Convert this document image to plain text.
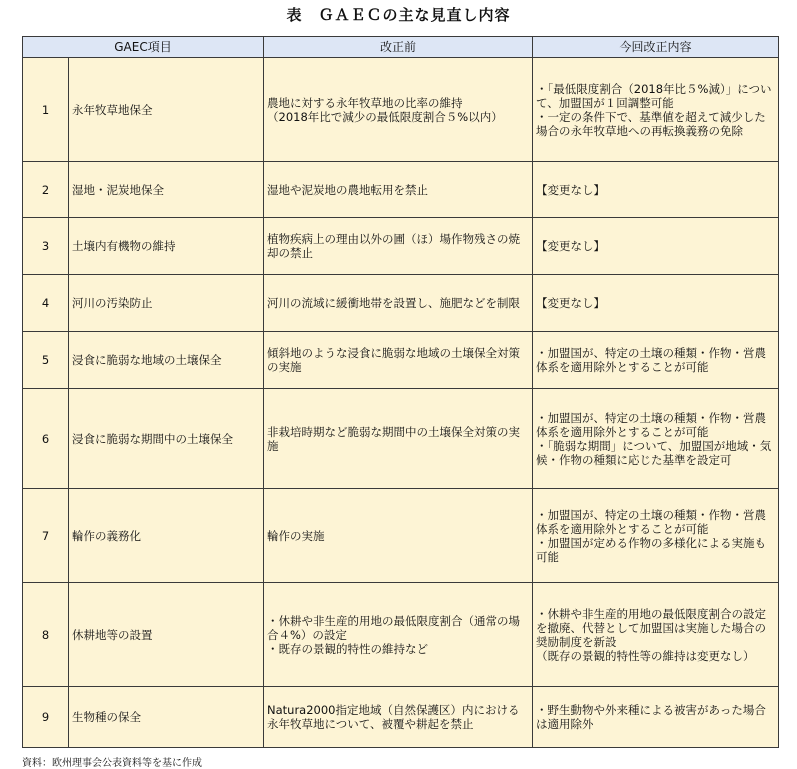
表　ＧＡＥＣの主な見直し内容
GAEC項目		改正前	今回改正内容
1	永年牧草地保全	農地に対する永年牧草地の比率の維持
（2018年比で減少の最低限度割合５%以内）	・「最低限度割合（2018年比５%減）」について、加盟国が１回調整可能
・一定の条件下で、基準値を超えて減少した場合の永年牧草地への再転換義務の免除
2	湿地・泥炭地保全	湿地や泥炭地の農地転用を禁止	【変更なし】
3	土壌内有機物の維持	植物疾病上の理由以外の圃（ほ）場作物残さの焼却の禁止	【変更なし】
4	河川の汚染防止	河川の流域に緩衝地帯を設置し、施肥などを制限	【変更なし】
5	浸食に脆弱な地域の土壌保全	傾斜地のような浸食に脆弱な地域の土壌保全対策の実施	・加盟国が、特定の土壌の種類・作物・営農体系を適用除外とすることが可能
6	浸食に脆弱な期間中の土壌保全	非栽培時期など脆弱な期間中の土壌保全対策の実施	・加盟国が、特定の土壌の種類・作物・営農体系を適用除外とすることが可能
・「脆弱な期間」について、加盟国が地域・気候・作物の種類に応じた基準を設定可
7	輪作の義務化	輪作の実施	・加盟国が、特定の土壌の種類・作物・営農体系を適用除外とすることが可能
・加盟国が定める作物の多様化による実施も可能
8	休耕地等の設置	・休耕や非生産的用地の最低限度割合（通常の場合４%）の設定
・既存の景観的特性の維持など	・休耕や非生産的用地の最低限度割合の設定を撤廃、代替として加盟国は実施した場合の奨励制度を新設
（既存の景観的特性等の維持は変更なし）
9	生物種の保全	Natura2000指定地域（自然保護区）内における永年牧草地について、被覆や耕起を禁止	・野生動物や外来種による被害があった場合は適用除外
資料：欧州理事会公表資料等を基に作成
